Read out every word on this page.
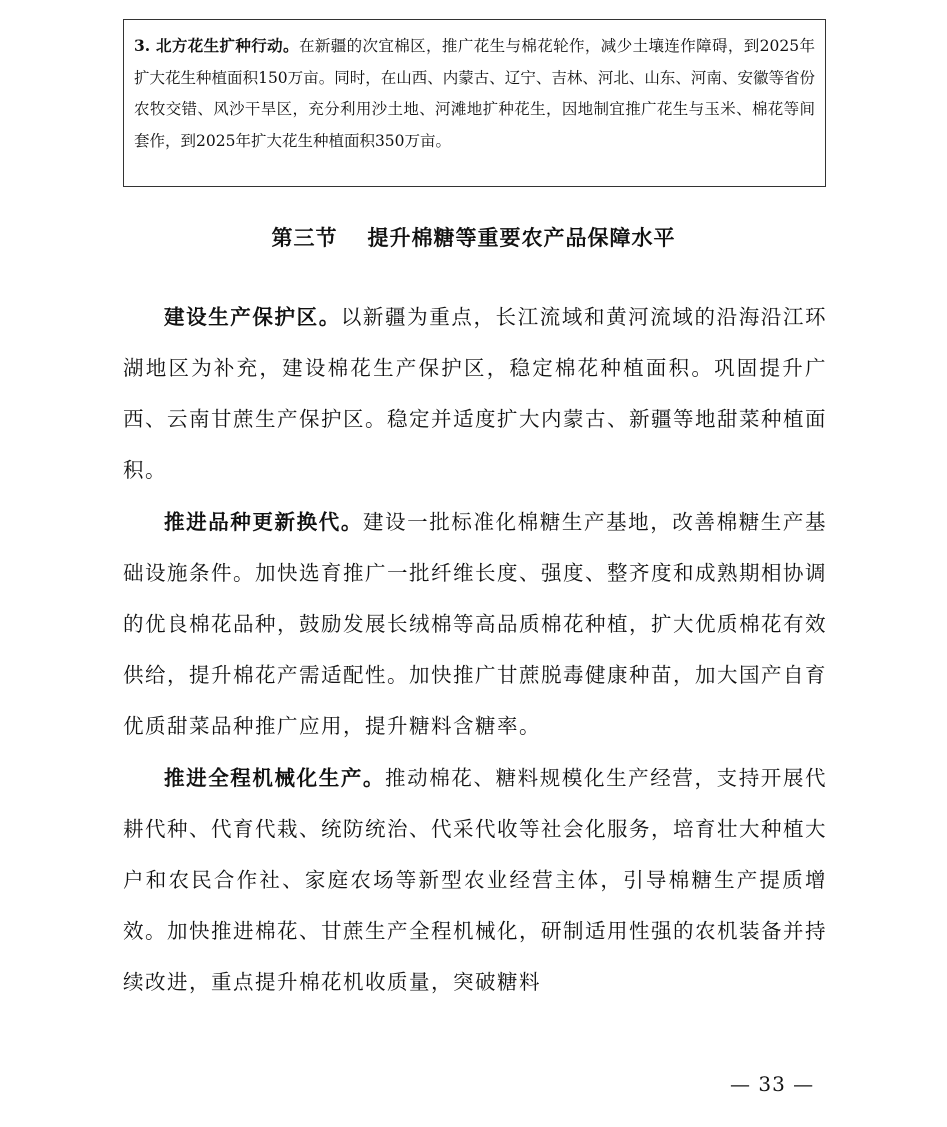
3. 北方花生扩种行动。在新疆的次宜棉区，推广花生与棉花轮作，减少土壤连作障碍，到2025年扩大花生种植面积150万亩。同时，在山西、内蒙古、辽宁、吉林、河北、山东、河南、安徽等省份农牧交错、风沙干旱区，充分利用沙土地、河滩地扩种花生，因地制宜推广花生与玉米、棉花等间套作，到2025年扩大花生种植面积350万亩。
第三节 提升棉糖等重要农产品保障水平

建设生产保护区。以新疆为重点，长江流域和黄河流域的沿海沿江环湖地区为补充，建设棉花生产保护区，稳定棉花种植面积。巩固提升广西、云南甘蔗生产保护区。稳定并适度扩大内蒙古、新疆等地甜菜种植面积。

推进品种更新换代。建设一批标准化棉糖生产基地，改善棉糖生产基础设施条件。加快选育推广一批纤维长度、强度、整齐度和成熟期相协调的优良棉花品种，鼓励发展长绒棉等高品质棉花种植，扩大优质棉花有效供给，提升棉花产需适配性。加快推广甘蔗脱毒健康种苗，加大国产自育优质甜菜品种推广应用，提升糖料含糖率。

推进全程机械化生产。推动棉花、糖料规模化生产经营，支持开展代耕代种、代育代栽、统防统治、代采代收等社会化服务，培育壮大种植大户和农民合作社、家庭农场等新型农业经营主体，引导棉糖生产提质增效。加快推进棉花、甘蔗生产全程机械化，研制适用性强的农机装备并持续改进，重点提升棉花机收质量，突破糖料

— 33 —
